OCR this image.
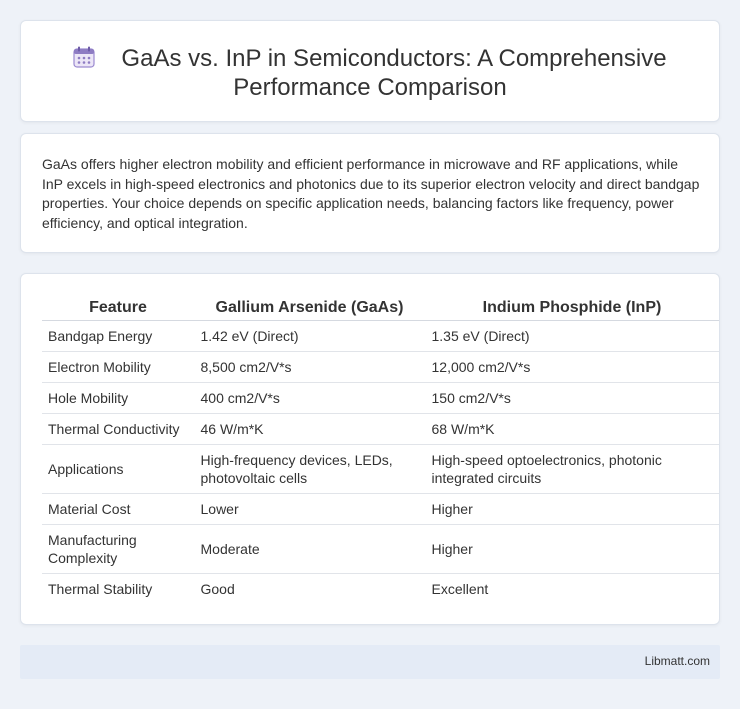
GaAs vs. InP in Semiconductors: A Comprehensive Performance Comparison

GaAs offers higher electron mobility and efficient performance in microwave and RF applications, while InP excels in high-speed electronics and photonics due to its superior electron velocity and direct bandgap properties. Your choice depends on specific application needs, balancing factors like frequency, power efficiency, and optical integration.

Feature	Gallium Arsenide (GaAs)	Indium Phosphide (InP)
Bandgap Energy	1.42 eV (Direct)	1.35 eV (Direct)
Electron Mobility	8,500 cm2/V*s	12,000 cm2/V*s
Hole Mobility	400 cm2/V*s	150 cm2/V*s
Thermal Conductivity	46 W/m*K	68 W/m*K
Applications	High-frequency devices, LEDs, photovoltaic cells	High-speed optoelectronics, photonic integrated circuits
Material Cost	Lower	Higher
Manufacturing Complexity	Moderate	Higher
Thermal Stability	Good	Excellent
Libmatt.com
